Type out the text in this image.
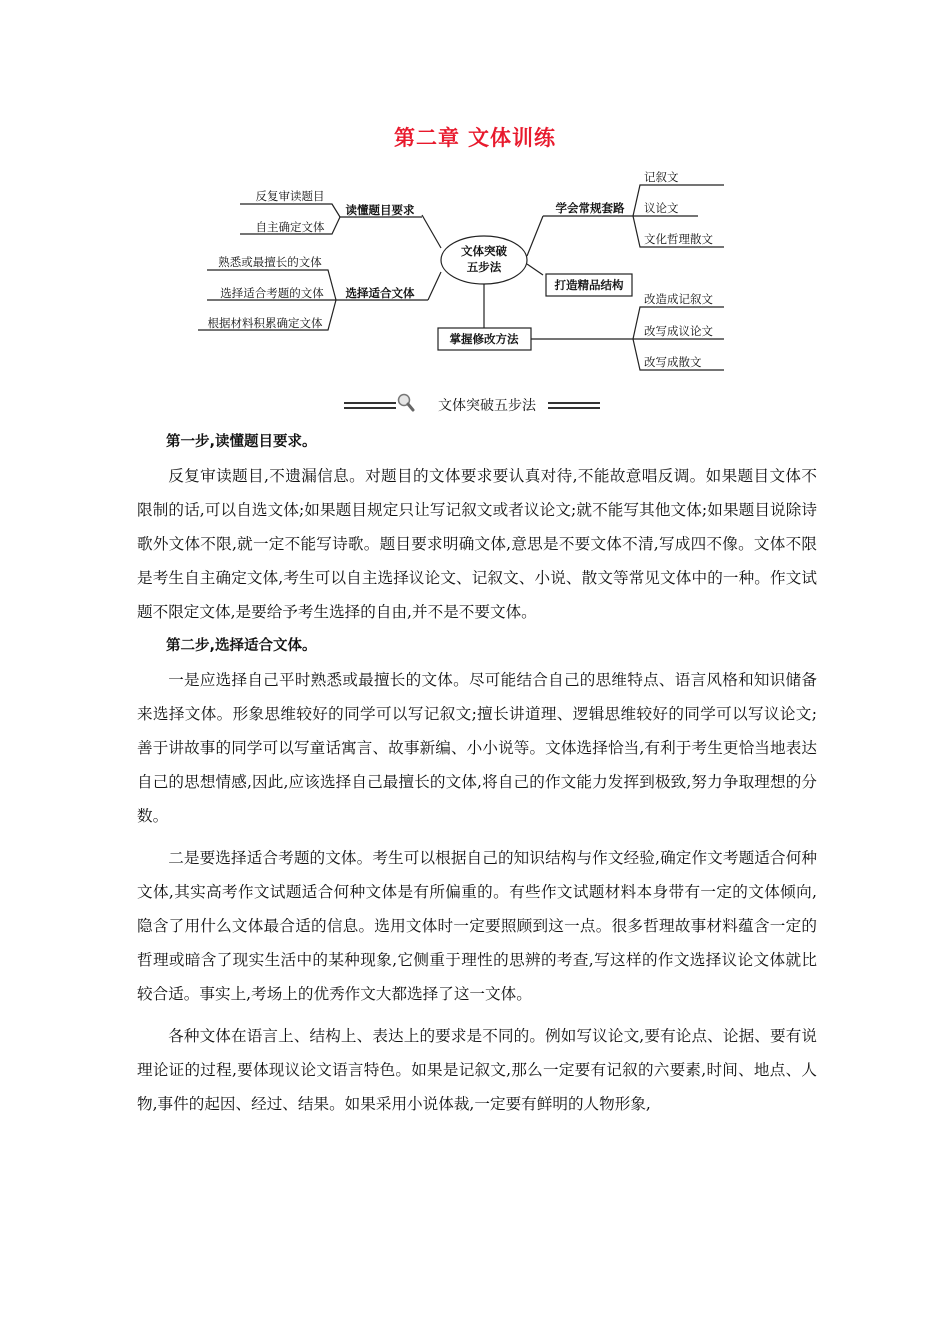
第二章 文体训练
文体突破
五步法
读懂题目要求
反复审读题目
自主确定文体
选择适合文体
熟悉或最擅长的文体
选择适合考题的文体
根据材料积累确定文体
学会常规套路
记叙文
议论文
文化哲理散文
打造精品结构
掌握修改方法
改造成记叙文
改写成议论文
改写成散文
文体突破五步法

第一步,读懂题目要求。

反复审读题目,不遗漏信息。对题目的文体要求要认真对待,不能故意唱反调。如果题目文体不限制的话,可以自选文体;如果题目规定只让写记叙文或者议论文;就不能写其他文体;如果题目说除诗歌外文体不限,就一定不能写诗歌。题目要求明确文体,意思是不要文体不清,写成四不像。文体不限是考生自主确定文体,考生可以自主选择议论文、记叙文、小说、散文等常见文体中的一种。作文试题不限定文体,是要给予考生选择的自由,并不是不要文体。

第二步,选择适合文体。

一是应选择自己平时熟悉或最擅长的文体。尽可能结合自己的思维特点、语言风格和知识储备来选择文体。形象思维较好的同学可以写记叙文;擅长讲道理、逻辑思维较好的同学可以写议论文;善于讲故事的同学可以写童话寓言、故事新编、小小说等。文体选择恰当,有利于考生更恰当地表达自己的思想情感,因此,应该选择自己最擅长的文体,将自己的作文能力发挥到极致,努力争取理想的分数。

二是要选择适合考题的文体。考生可以根据自己的知识结构与作文经验,确定作文考题适合何种文体,其实高考作文试题适合何种文体是有所偏重的。有些作文试题材料本身带有一定的文体倾向,隐含了用什么文体最合适的信息。选用文体时一定要照顾到这一点。很多哲理故事材料蕴含一定的哲理或暗含了现实生活中的某种现象,它侧重于理性的思辨的考查,写这样的作文选择议论文体就比较合适。事实上,考场上的优秀作文大都选择了这一文体。

各种文体在语言上、结构上、表达上的要求是不同的。例如写议论文,要有论点、论据、要有说理论证的过程,要体现议论文语言特色。如果是记叙文,那么一定要有记叙的六要素,时间、地点、人物,事件的起因、经过、结果。如果采用小说体裁,一定要有鲜明的人物形象,
